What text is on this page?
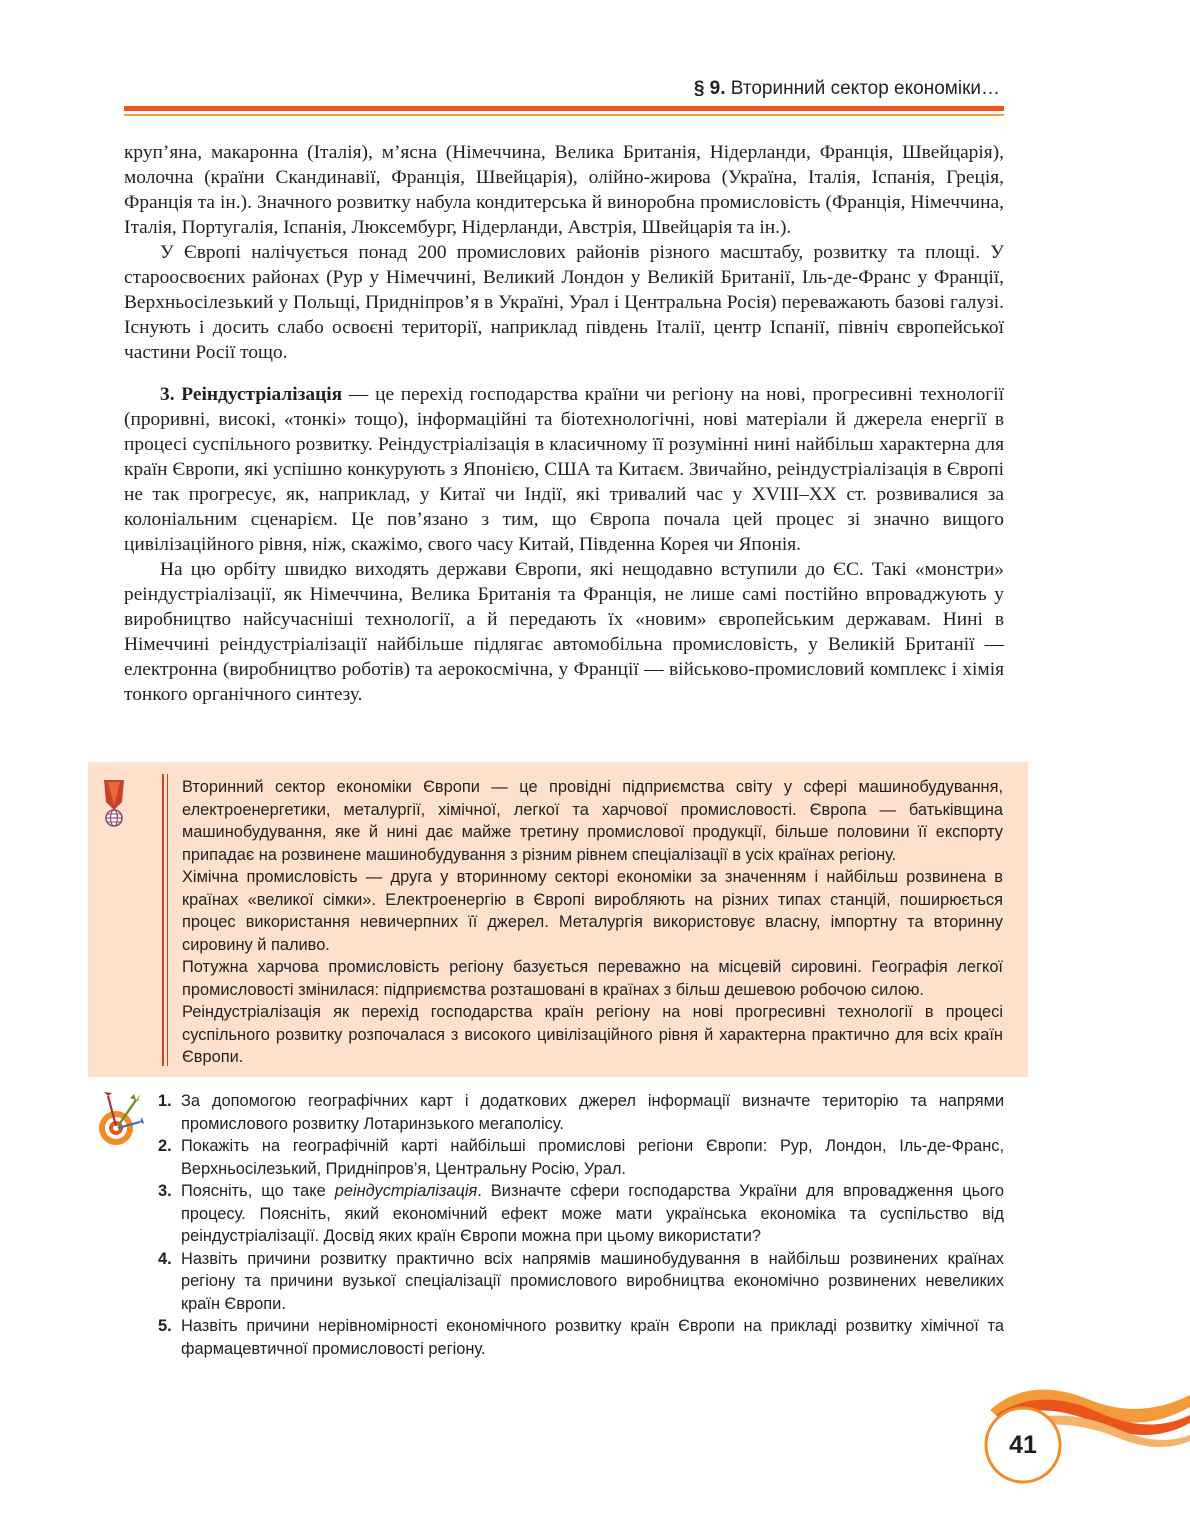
§ 9. Вторинний сектор економіки…

круп’яна, макаронна (Італія), м’ясна (Німеччина, Велика Британія, Нідерланди, Франція, Швейцарія), молочна (країни Скандинавії, Франція, Швейцарія), олійно-жирова (Україна, Італія, Іспанія, Греція, Франція та ін.). Значного розвитку набула кондитерська й виноробна промисловість (Франція, Німеччина, Італія, Португалія, Іспанія, Люксембург, Нідерланди, Австрія, Швейцарія та ін.).

У Європі налічується понад 200 промислових районів різного масштабу, розвитку та площі. У староосвоєних районах (Рур у Німеччині, Великий Лондон у Великій Британії, Іль-де-Франс у Франції, Верхньосілезький у Польщі, Придніпров’я в Україні, Урал і Центральна Росія) переважають базові галузі. Існують і досить слабо освоєні території, наприклад південь Італії, центр Іспанії, північ європейської частини Росії тощо.

3. Реіндустріалізація — це перехід господарства країни чи регіону на нові, прогресивні технології (проривні, високі, «тонкі» тощо), інформаційні та біотехнологічні, нові матеріали й джерела енергії в процесі суспільного розвитку. Реіндустріалізація в класичному її розумінні нині найбільш характерна для країн Європи, які успішно конкурують з Японією, США та Китаєм. Звичайно, реіндустріалізація в Європі не так прогресує, як, наприклад, у Китаї чи Індії, які тривалий час у XVIII–XX ст. розвивалися за колоніальним сценарієм. Це пов’язано з тим, що Європа почала цей процес зі значно вищого цивілізаційного рівня, ніж, скажімо, свого часу Китай, Південна Корея чи Японія.

На цю орбіту швидко виходять держави Європи, які нещодавно вступили до ЄС. Такі «монстри» реіндустріалізації, як Німеччина, Велика Британія та Франція, не лише самі постійно впроваджують у виробництво найсучасніші технології, а й передають їх «новим» європейським державам. Нині в Німеччині реіндустріалізації найбільше підлягає автомобільна промисловість, у Великій Британії — електронна (виробництво роботів) та аерокосмічна, у Франції — військово-промисловий комплекс і хімія тонкого органічного синтезу.

Вторинний сектор економіки Європи — це провідні підприємства світу у сфері машинобудування, електроенергетики, металургії, хімічної, легкої та харчової промисловості. Європа — батьківщина машинобудування, яке й нині дає майже третину промислової продукції, більше половини її експорту припадає на розвинене машинобудування з різним рівнем спеціалізації в усіх країнах регіону.

Хімічна промисловість — друга у вторинному секторі економіки за значенням і найбільш розвинена в країнах «великої сімки». Електроенергію в Європі виробляють на різних типах станцій, поширюється процес використання невичерпних її джерел. Металургія використовує власну, імпортну та вторинну сировину й паливо.

Потужна харчова промисловість регіону базується переважно на місцевій сировині. Географія легкої промисловості змінилася: підприємства розташовані в країнах з більш дешевою робочою силою.

Реіндустріалізація як перехід господарства країн регіону на нові прогресивні технології в процесі суспільного розвитку розпочалася з високого цивілізаційного рівня й характерна практично для всіх країн Європи.

1. За допомогою географічних карт і додаткових джерел інформації визначте територію та напрями промислового розвитку Лотаринзького мегаполісу.
2. Покажіть на географічній карті найбільші промислові регіони Європи: Рур, Лондон, Іль-де-Франс, Верхньосілезький, Придніпров’я, Центральну Росію, Урал.
3. Поясніть, що таке реіндустріалізація. Визначте сфери господарства України для впровадження цього процесу. Поясніть, який економічний ефект може мати українська економіка та суспільство від реіндустріалізації. Досвід яких країн Європи можна при цьому використати?
4. Назвіть причини розвитку практично всіх напрямів машинобудування в найбільш розвинених країнах регіону та причини вузької спеціалізації промислового виробництва економічно розвинених невеликих країн Європи.
5. Назвіть причини нерівномірності економічного розвитку країн Європи на прикладі розвитку хімічної та фармацевтичної промисловості регіону.
41
